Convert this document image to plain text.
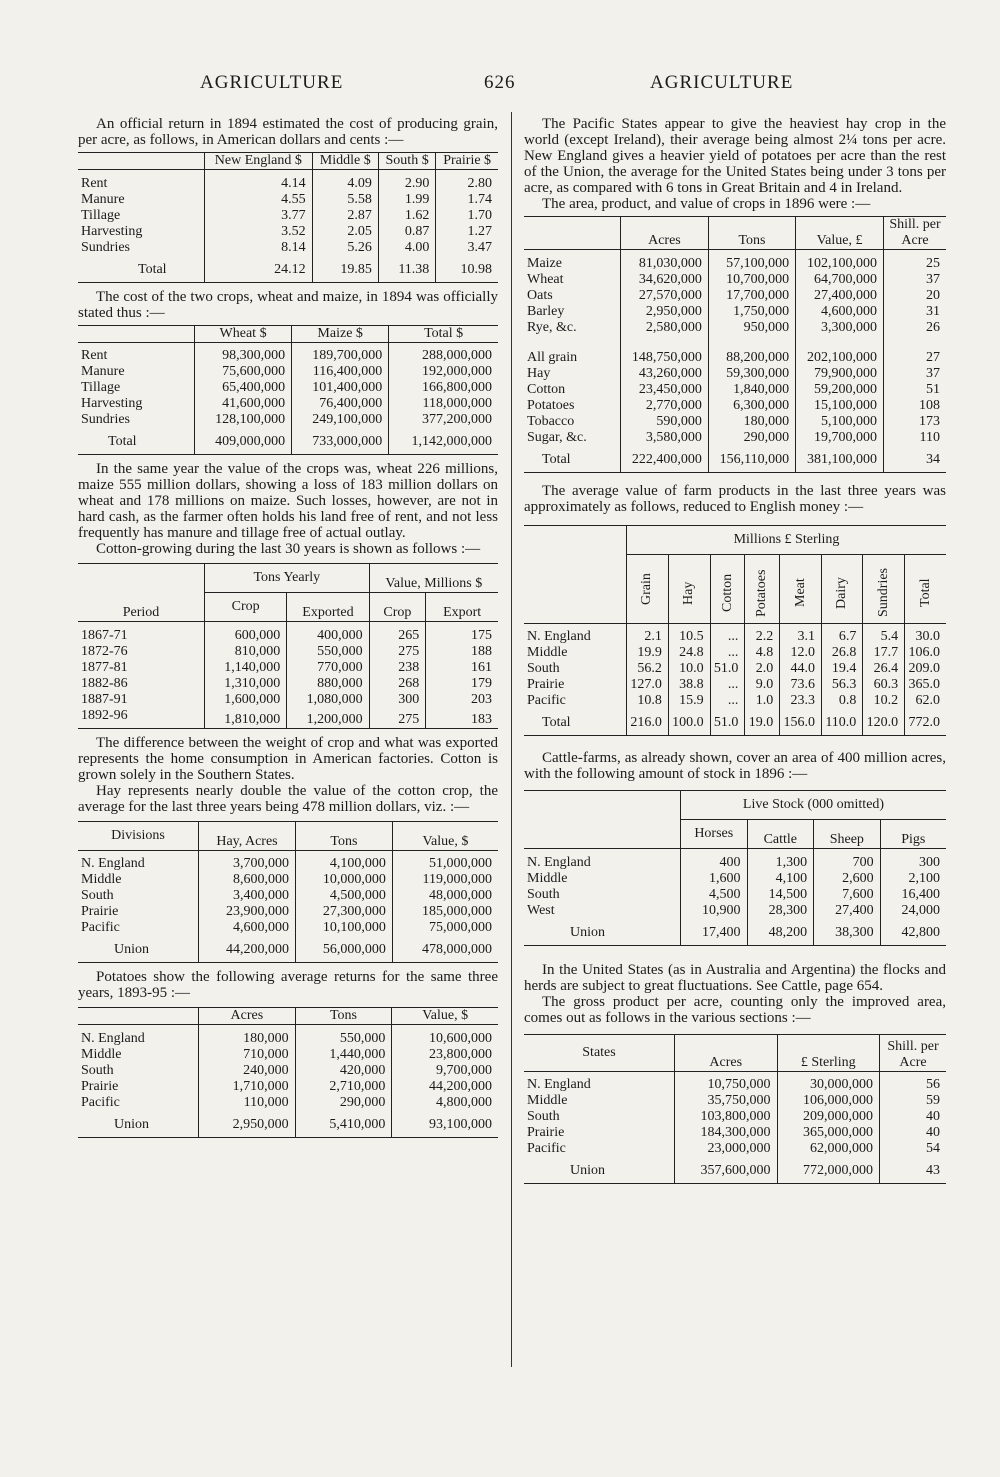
AGRICULTURE	626	AGRICULTURE

An official return in 1894 estimated the cost of producing grain, per acre, as follows, in American dollars and cents :—

	New England $	Middle $	South $	Prairie $

Rent	4.14	4.09	2.90	2.80
Manure	4.55	5.58	1.99	1.74
Tillage	3.77	2.87	1.62	1.70
Harvesting	3.52	2.05	0.87	1.27
Sundries	8.14	5.26	4.00	3.47
Total	24.12	19.85	11.38	10.98

The cost of the two crops, wheat and maize, in 1894 was officially stated thus :—

	Wheat $	Maize $	Total $

Rent	98,300,000	189,700,000	288,000,000
Manure	75,600,000	116,400,000	192,000,000
Tillage	65,400,000	101,400,000	166,800,000
Harvesting	41,600,000	76,400,000	118,000,000
Sundries	128,100,000	249,100,000	377,200,000
Total	409,000,000	733,000,000	1,142,000,000

In the same year the value of the crops was, wheat 226 millions, maize 555 million dollars, showing a loss of 183 million dollars on wheat and 178 millions on maize. Such losses, however, are not in hard cash, as the farmer often holds his land free of rent, and not less frequently has manure and tillage free of actual outlay.

Cotton-growing during the last 30 years is shown as follows :—

Period	Tons Yearly		Value, Millions $	
	Crop	Exported	Crop	Export

1867-71	600,000	400,000	265	175
1872-76	810,000	550,000	275	188
1877-81	1,140,000	770,000	238	161
1882-86	1,310,000	880,000	268	179
1887-91	1,600,000	1,080,000	300	203
1892-96	1,810,000	1,200,000	275	183

The difference between the weight of crop and what was exported represents the home consumption in American factories. Cotton is grown solely in the Southern States.

Hay represents nearly double the value of the cotton crop, the average for the last three years being 478 million dollars, viz. :—

Divisions	Hay, Acres	Tons	Value, $

N. England	3,700,000	4,100,000	51,000,000
Middle	8,600,000	10,000,000	119,000,000
South	3,400,000	4,500,000	48,000,000
Prairie	23,900,000	27,300,000	185,000,000
Pacific	4,600,000	10,100,000	75,000,000
Union	44,200,000	56,000,000	478,000,000

Potatoes show the following average returns for the same three years, 1893-95 :—

	Acres	Tons	Value, $

N. England	180,000	550,000	10,600,000
Middle	710,000	1,440,000	23,800,000
South	240,000	420,000	9,700,000
Prairie	1,710,000	2,710,000	44,200,000
Pacific	110,000	290,000	4,800,000
Union	2,950,000	5,410,000	93,100,000

The Pacific States appear to give the heaviest hay crop in the world (except Ireland), their average being almost 2¼ tons per acre. New England gives a heavier yield of potatoes per acre than the rest of the Union, the average for the United States being under 3 tons per acre, as compared with 6 tons in Great Britain and 4 in Ireland.

The area, product, and value of crops in 1896 were :—

	Acres	Tons	Value, £	Shill. per Acre

Maize	81,030,000	57,100,000	102,100,000	25
Wheat	34,620,000	10,700,000	64,700,000	37
Oats	27,570,000	17,700,000	27,400,000	20
Barley	2,950,000	1,750,000	4,600,000	31
Rye, &c.	2,580,000	950,000	3,300,000	26

All grain	148,750,000	88,200,000	202,100,000	27
Hay	43,260,000	59,300,000	79,900,000	37
Cotton	23,450,000	1,840,000	59,200,000	51
Potatoes	2,770,000	6,300,000	15,100,000	108
Tobacco	590,000	180,000	5,100,000	173
Sugar, &c.	3,580,000	290,000	19,700,000	110
Total	222,400,000	156,110,000	381,100,000	34

The average value of farm products in the last three years was approximately as follows, reduced to English money :—

	Millions £ Sterling							

	Grain	Hay	Cotton	Potatoes	Meat	Dairy	Sundries	Total

N. England	2.1	10.5	...	2.2	3.1	6.7	5.4	30.0
Middle	19.9	24.8	...	4.8	12.0	26.8	17.7	106.0
South	56.2	10.0	51.0	2.0	44.0	19.4	26.4	209.0
Prairie	127.0	38.8	...	9.0	73.6	56.3	60.3	365.0
Pacific	10.8	15.9	...	1.0	23.3	0.8	10.2	62.0
Total	216.0	100.0	51.0	19.0	156.0	110.0	120.0	772.0

Cattle-farms, as already shown, cover an area of 400 million acres, with the following amount of stock in 1896 :—

	Live Stock (000 omitted)			
	Horses	Cattle	Sheep	Pigs

N. England	400	1,300	700	300
Middle	1,600	4,100	2,600	2,100
South	4,500	14,500	7,600	16,400
West	10,900	28,300	27,400	24,000
Union	17,400	48,200	38,300	42,800

In the United States (as in Australia and Argentina) the flocks and herds are subject to great fluctuations. See Cattle, page 654.

The gross product per acre, counting only the improved area, comes out as follows in the various sections :—

States	Acres	£ Sterling	Shill. per Acre

N. England	10,750,000	30,000,000	56
Middle	35,750,000	106,000,000	59
South	103,800,000	209,000,000	40
Prairie	184,300,000	365,000,000	40
Pacific	23,000,000	62,000,000	54
Union	357,600,000	772,000,000	43
